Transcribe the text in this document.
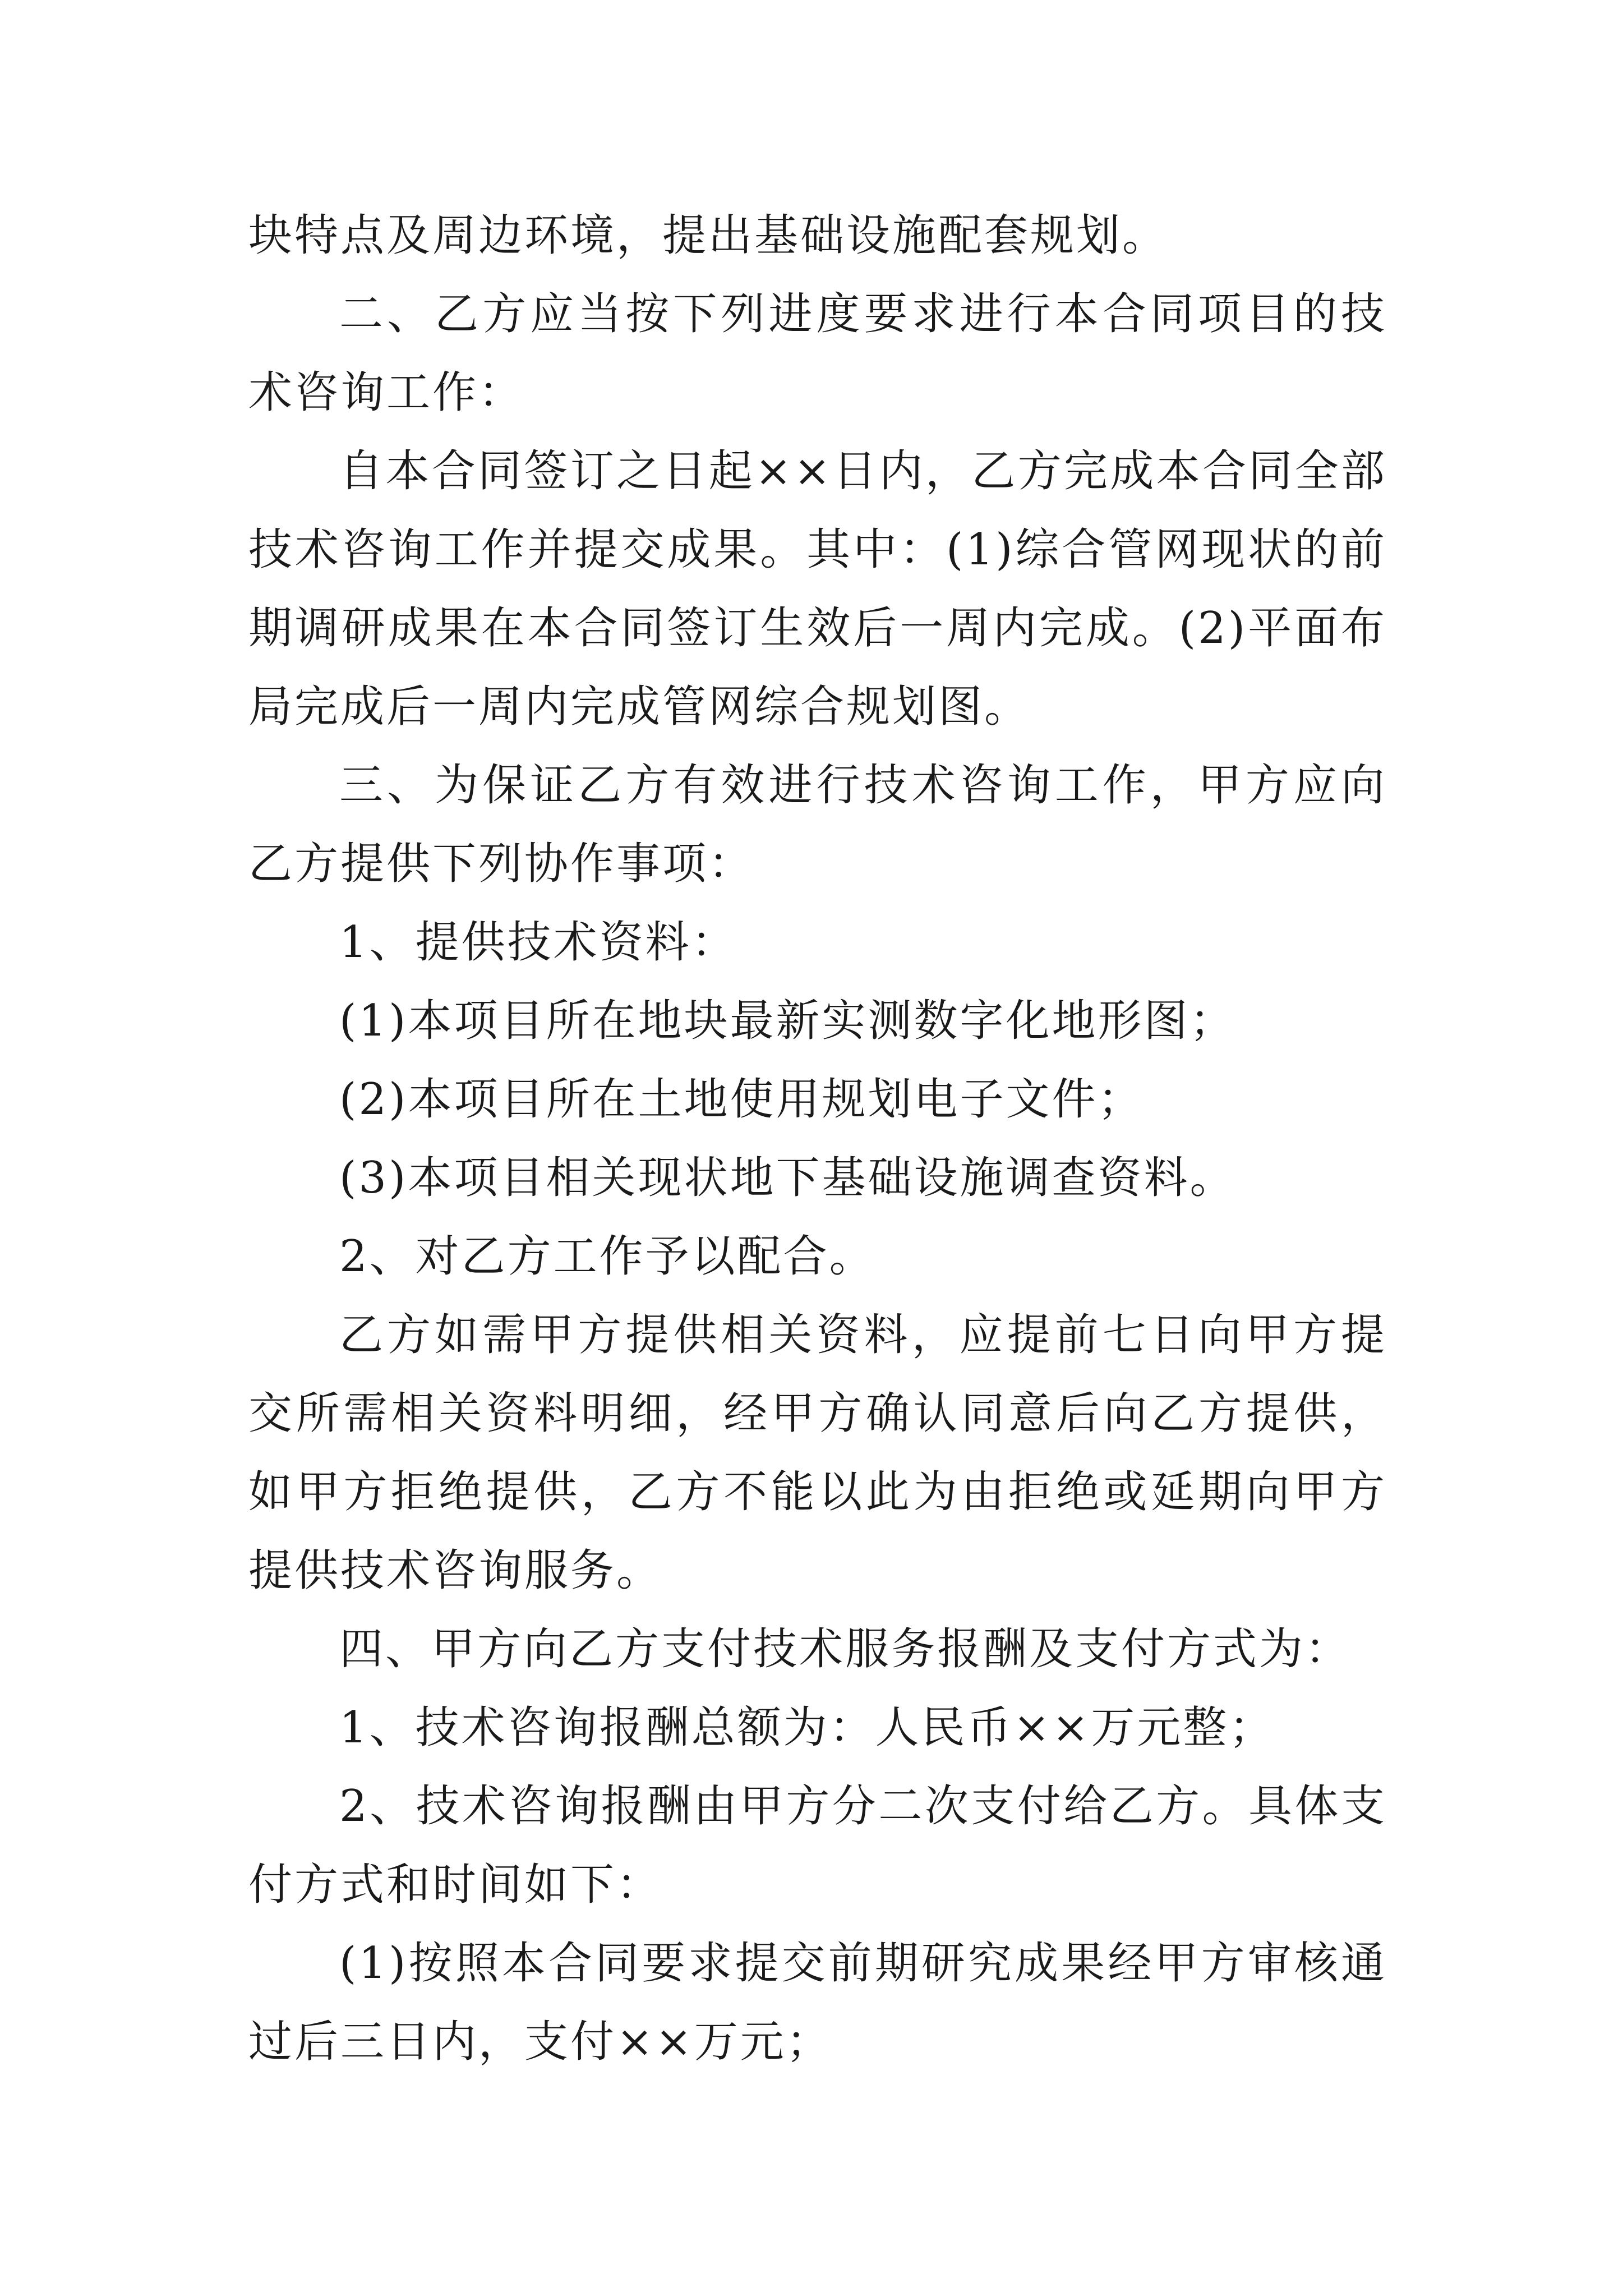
块特点及周边环境，提出基础设施配套规划。

二、乙方应当按下列进度要求进行本合同项目的技术咨询工作：

自本合同签订之日起××日内，乙方完成本合同全部技术咨询工作并提交成果。其中：(1)综合管网现状的前期调研成果在本合同签订生效后一周内完成。(2)平面布局完成后一周内完成管网综合规划图。

三、为保证乙方有效进行技术咨询工作，甲方应向乙方提供下列协作事项：

1、提供技术资料：

(1)本项目所在地块最新实测数字化地形图；

(2)本项目所在土地使用规划电子文件；

(3)本项目相关现状地下基础设施调查资料。

2、对乙方工作予以配合。

乙方如需甲方提供相关资料，应提前七日向甲方提交所需相关资料明细，经甲方确认同意后向乙方提供，如甲方拒绝提供，乙方不能以此为由拒绝或延期向甲方提供技术咨询服务。

四、甲方向乙方支付技术服务报酬及支付方式为：

1、技术咨询报酬总额为：人民币××万元整；

2、技术咨询报酬由甲方分二次支付给乙方。具体支付方式和时间如下：

(1)按照本合同要求提交前期研究成果经甲方审核通过后三日内，支付××万元；
